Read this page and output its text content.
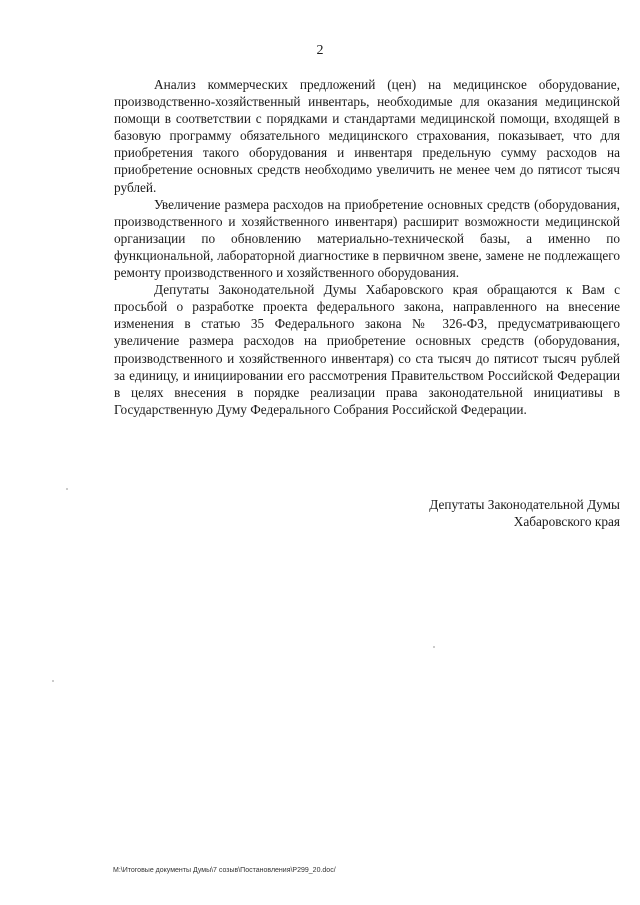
2

Анализ коммерческих предложений (цен) на медицинское оборудование, производственно-хозяйственный инвентарь, необходимые для оказания медицинской помощи в соответствии с порядками и стандартами медицинской помощи, входящей в базовую программу обязательного медицинского страхования, показывает, что для приобретения такого оборудования и инвентаря предельную сумму расходов на приобретение основных средств необходимо увеличить не менее чем до пятисот тысяч рублей.

Увеличение размера расходов на приобретение основных средств (оборудования, производственного и хозяйственного инвентаря) расширит возможности медицинской организации по обновлению материально-технической базы, а именно по функциональной, лабораторной диагностике в первичном звене, замене не подлежащего ремонту производственного и хозяйственного оборудования.

Депутаты Законодательной Думы Хабаровского края обращаются к Вам с просьбой о разработке проекта федерального закона, направленного на внесение изменения в статью 35 Федерального закона № 326-ФЗ, предусматривающего увеличение размера расходов на приобретение основных средств (оборудования, производственного и хозяйственного инвентаря) со ста тысяч до пятисот тысяч рублей за единицу, и инициировании его рассмотрения Правительством Российской Федерации в целях внесения в порядке реализации права законодательной инициативы в Государственную Думу Федерального Собрания Российской Федерации.

Депутаты Законодательной Думы
Хабаровского края
М:\Итоговые документы Думы\7 созыв\Постановления\Р299_20.doc/
